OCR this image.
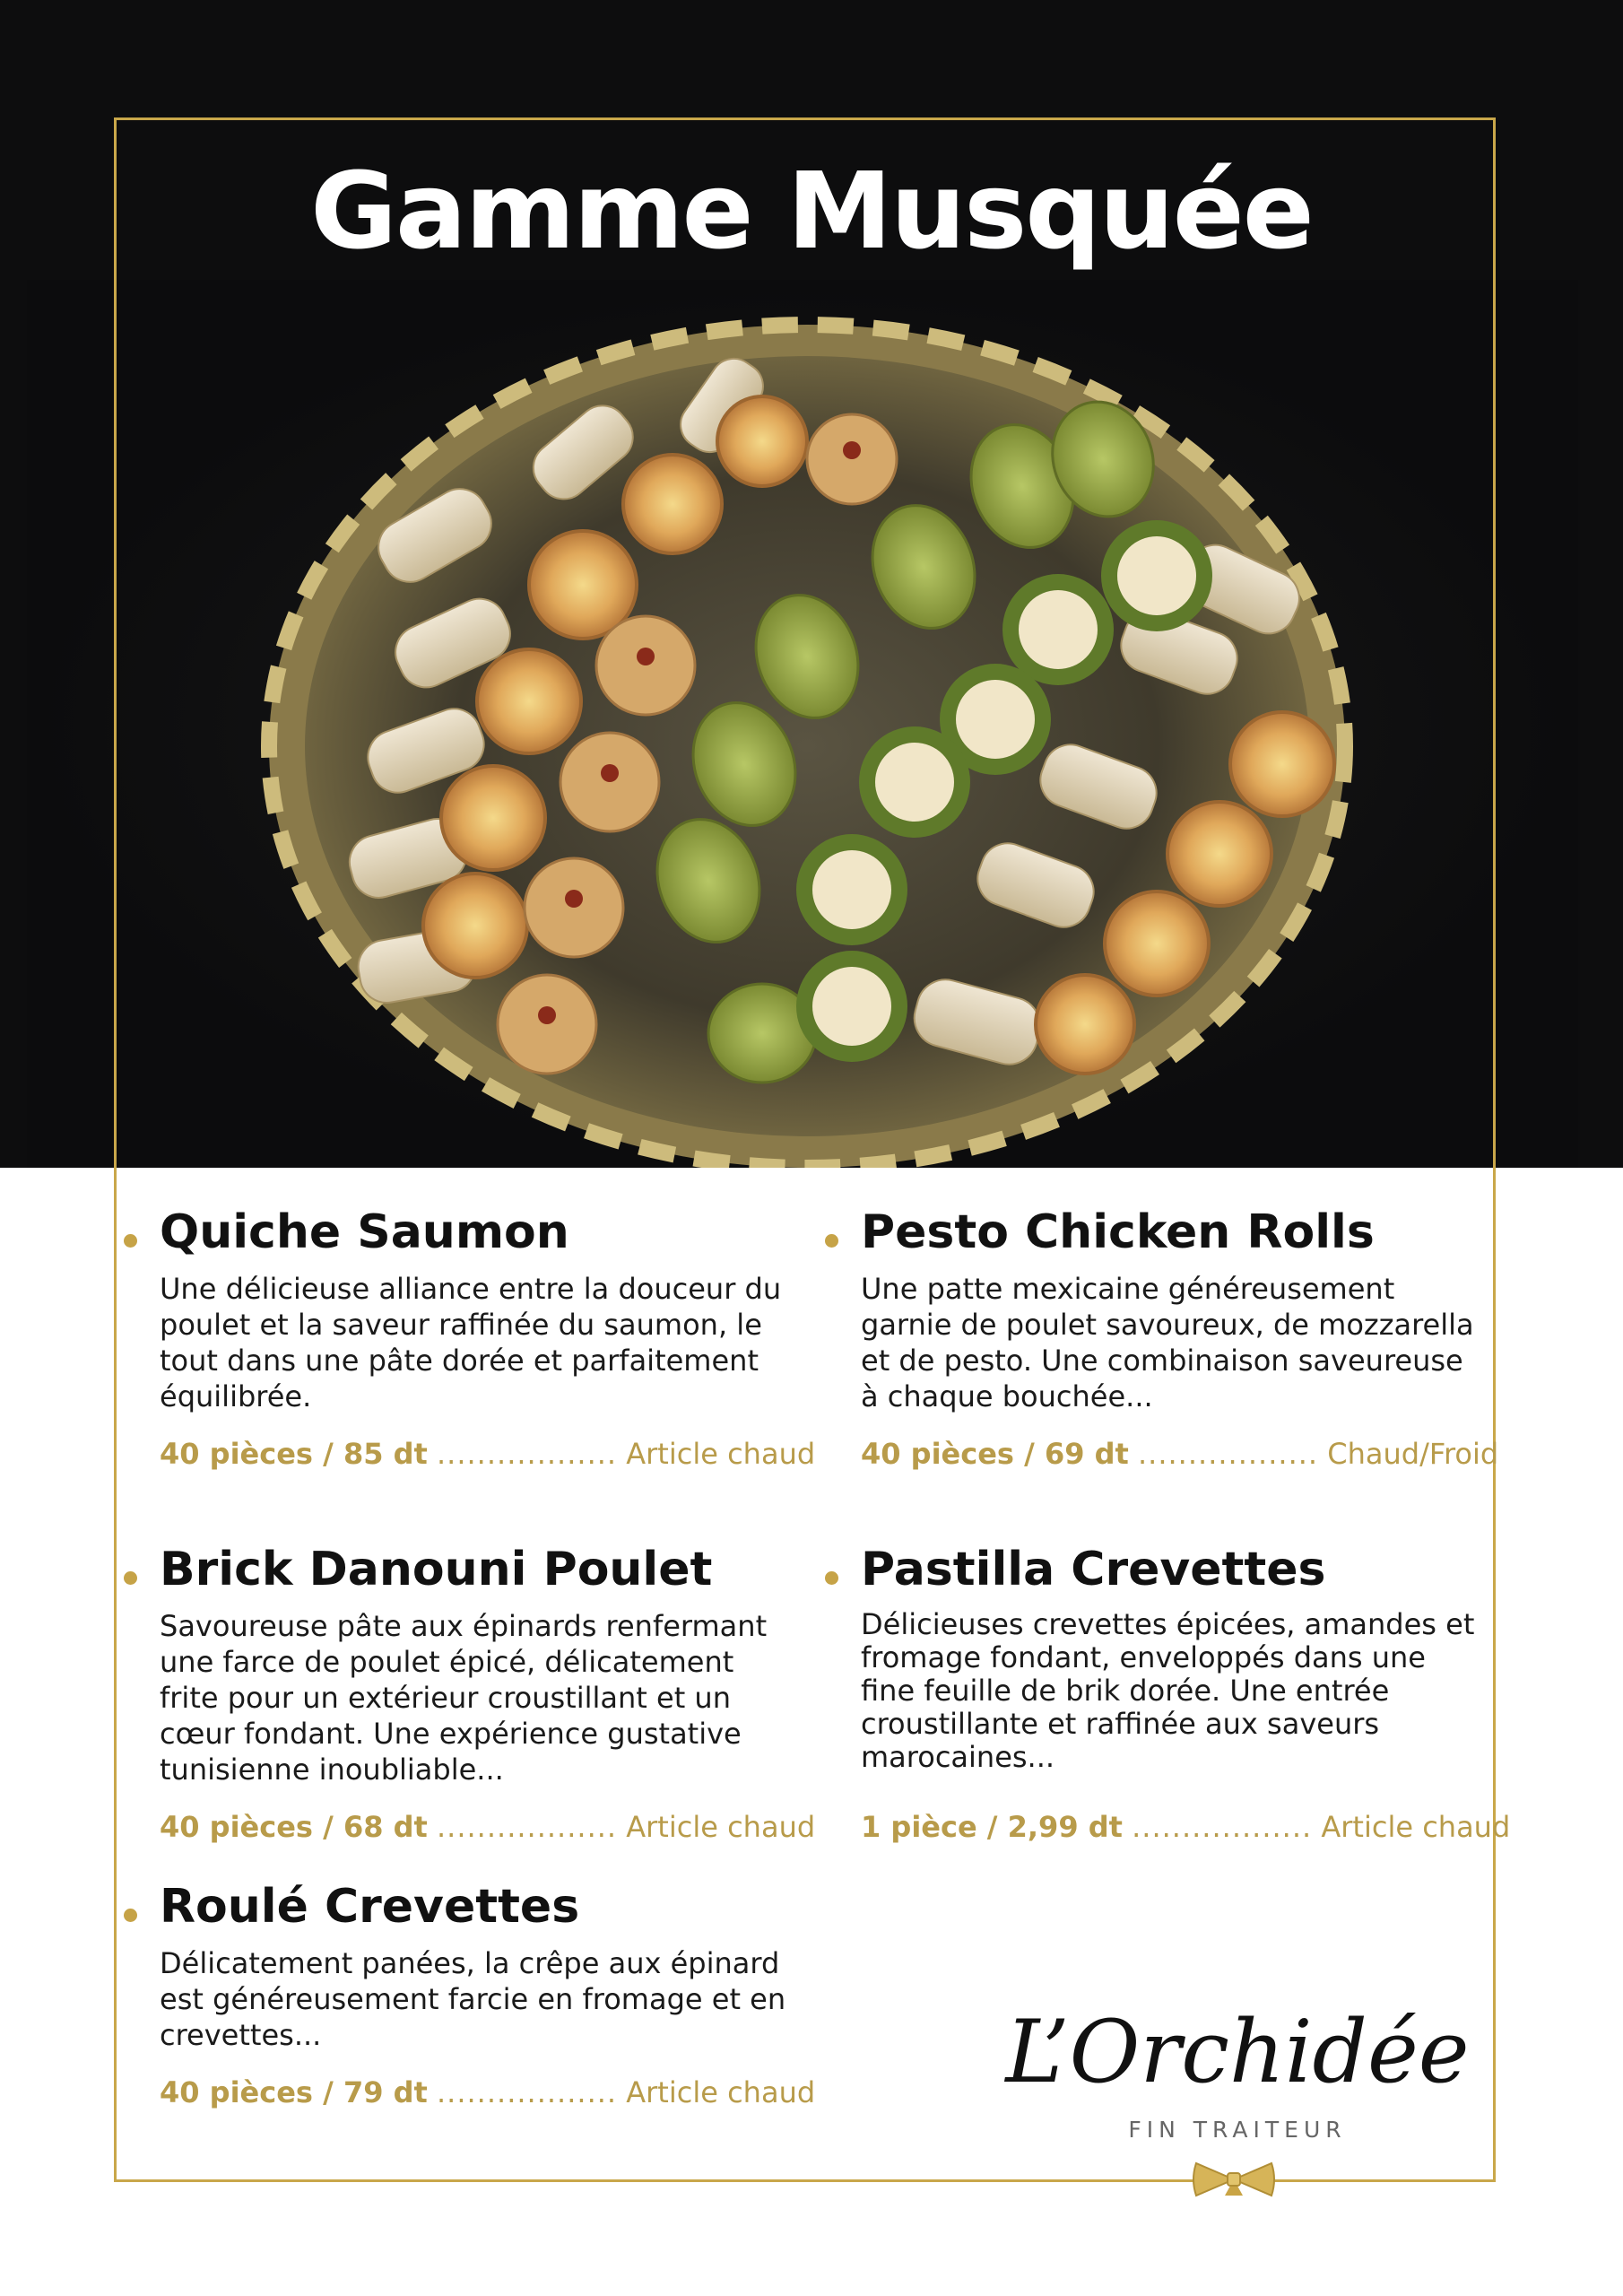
Gamme Musquée
Quiche Saumon
Une délicieuse alliance entre la douceur du poulet et la saveur raffinée du saumon, le tout dans une pâte dorée et parfaitement équilibrée.
40 pièces / 85 dt .................. Article chaud
Pesto Chicken Rolls
Une patte mexicaine généreusement garnie de poulet savoureux, de mozzarella et de pesto. Une combinaison saveureuse à chaque bouchée...
40 pièces / 69 dt .................. Chaud/Froid
Brick Danouni Poulet
Savoureuse pâte aux épinards renfermant une farce de poulet épicé, délicatement frite pour un extérieur croustillant et un cœur fondant. Une expérience gustative tunisienne inoubliable...
40 pièces / 68 dt .................. Article chaud
Pastilla Crevettes
Délicieuses crevettes épicées, amandes et fromage fondant, enveloppés dans une fine feuille de brik dorée. Une entrée croustillante et raffinée aux saveurs marocaines...
1 pièce / 2,99 dt .................. Article chaud
Roulé Crevettes
Délicatement panées, la crêpe aux épinard est généreusement farcie en fromage et en crevettes...
40 pièces / 79 dt .................. Article chaud L’Orchidée
FIN TRAITEUR
